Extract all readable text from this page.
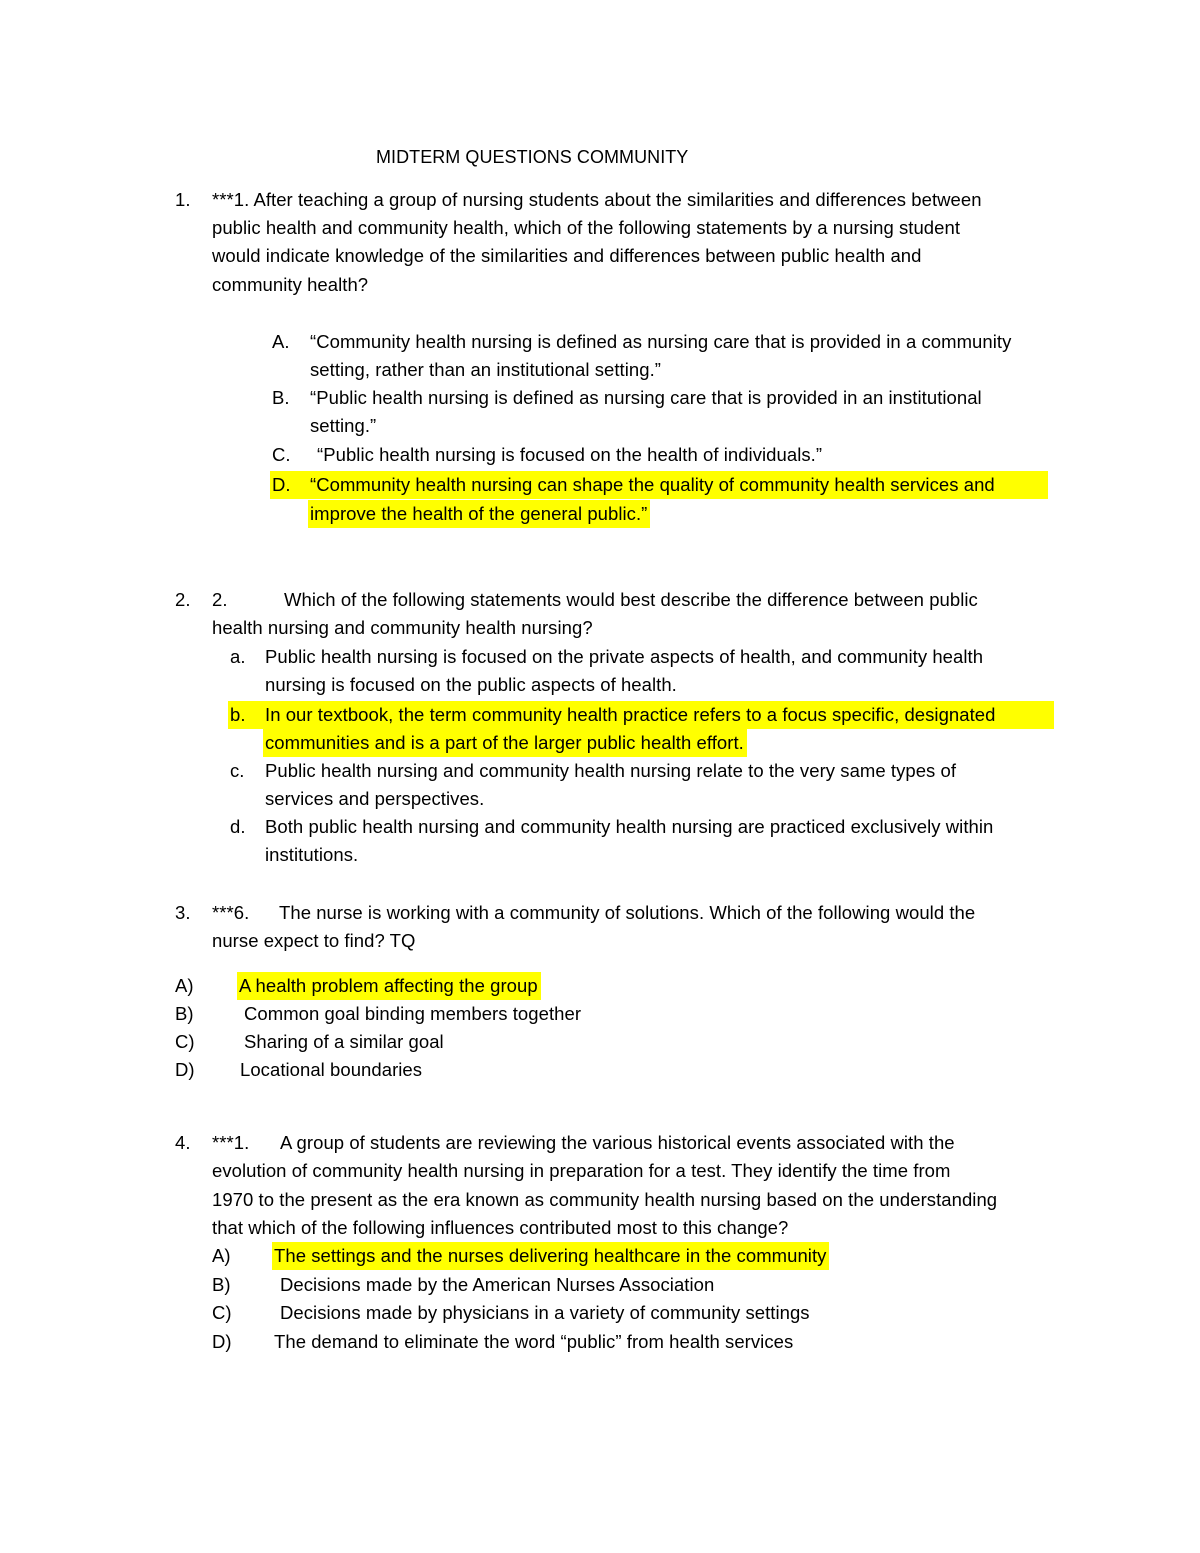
MIDTERM QUESTIONS COMMUNITY
1. ***1. After teaching a group of nursing students about the similarities and differences between
public health and community health, which of the following statements by a nursing student
would indicate knowledge of the similarities and differences between public health and
community health?
A. “Community health nursing is defined as nursing care that is provided in a community
setting, rather than an institutional setting.”
B. “Public health nursing is defined as nursing care that is provided in an institutional
setting.”
C. “Public health nursing is focused on the health of individuals.”
D. “Community health nursing can shape the quality of community health services and
improve the health of the general public.”
2. 2.	Which of the following statements would best describe the difference between public
health nursing and community health nursing?
a. Public health nursing is focused on the private aspects of health, and community health
nursing is focused on the public aspects of health.
b. In our textbook, the term community health practice refers to a focus specific, designated
communities and is a part of the larger public health effort.
c. Public health nursing and community health nursing relate to the very same types of
services and perspectives.
d. Both public health nursing and community health nursing are practiced exclusively within
institutions.
3. ***6. The nurse is working with a community of solutions. Which of the following would the
nurse expect to find? TQ
A) A health problem affecting the group
B)	Common goal binding members together
C)	Sharing of a similar goal
D) Locational boundaries
4. ***1. A group of students are reviewing the various historical events associated with the
evolution of community health nursing in preparation for a test. They identify the time from
1970 to the present as the era known as community health nursing based on the understanding
that which of the following influences contributed most to this change?
A) The settings and the nurses delivering healthcare in the community
B)	Decisions made by the American Nurses Association
C)	Decisions made by physicians in a variety of community settings
D) The demand to eliminate the word “public” from health services
